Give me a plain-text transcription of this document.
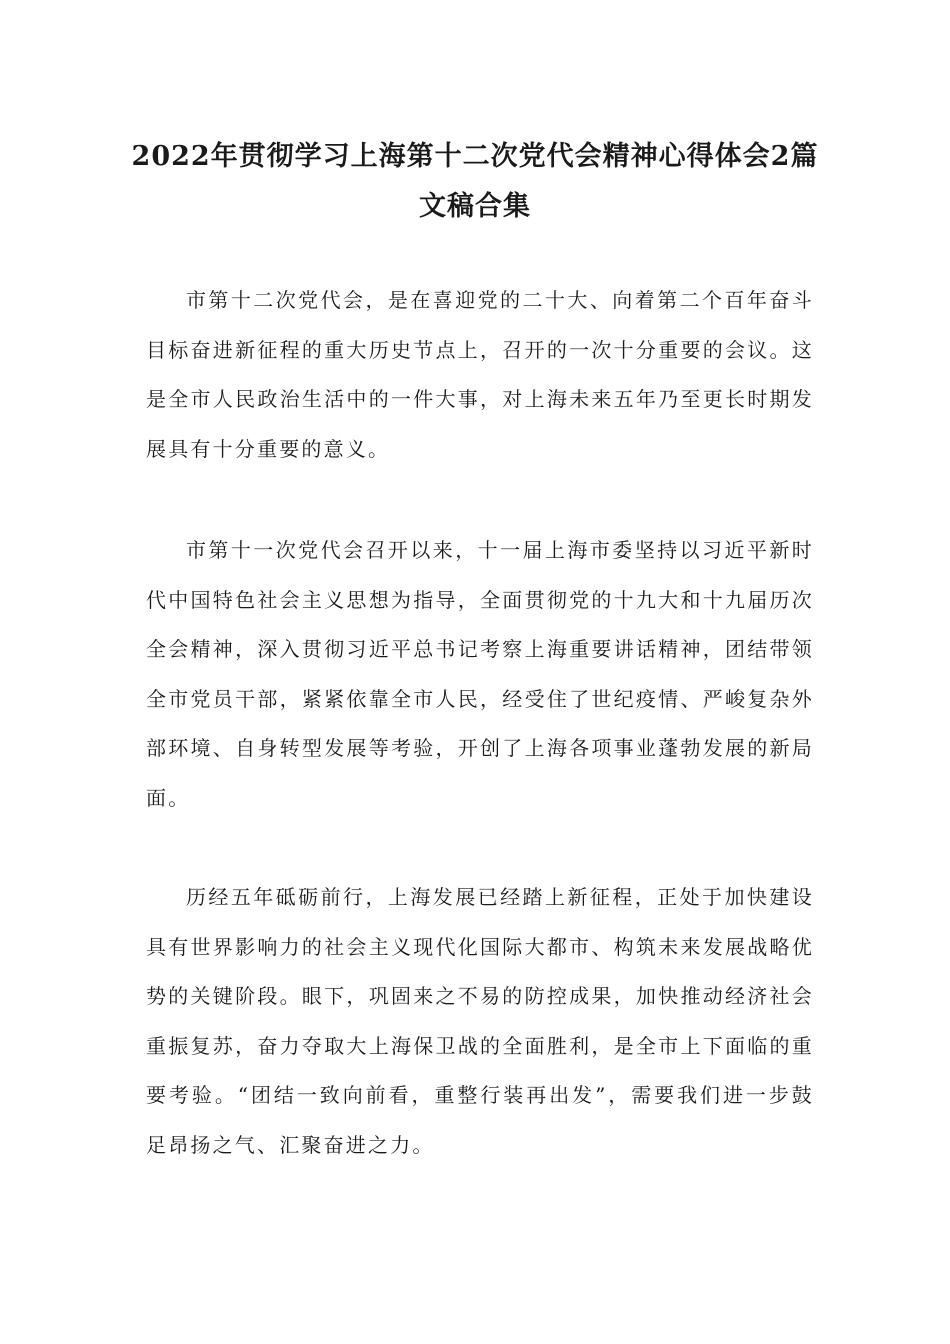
2022年贯彻学习上海第十二次党代会精神心得体会2篇文稿合集

市第十二次党代会，是在喜迎党的二十大、向着第二个百年奋斗目标奋进新征程的重大历史节点上，召开的一次十分重要的会议。这是全市人民政治生活中的一件大事，对上海未来五年乃至更长时期发展具有十分重要的意义。

市第十一次党代会召开以来，十一届上海市委坚持以习近平新时代中国特色社会主义思想为指导，全面贯彻党的十九大和十九届历次全会精神，深入贯彻习近平总书记考察上海重要讲话精神，团结带领全市党员干部，紧紧依靠全市人民，经受住了世纪疫情、严峻复杂外部环境、自身转型发展等考验，开创了上海各项事业蓬勃发展的新局面。

历经五年砥砺前行，上海发展已经踏上新征程，正处于加快建设具有世界影响力的社会主义现代化国际大都市、构筑未来发展战略优势的关键阶段。眼下，巩固来之不易的防控成果，加快推动经济社会重振复苏，奋力夺取大上海保卫战的全面胜利，是全市上下面临的重要考验。“团结一致向前看，重整行装再出发”，需要我们进一步鼓足昂扬之气、汇聚奋进之力。
